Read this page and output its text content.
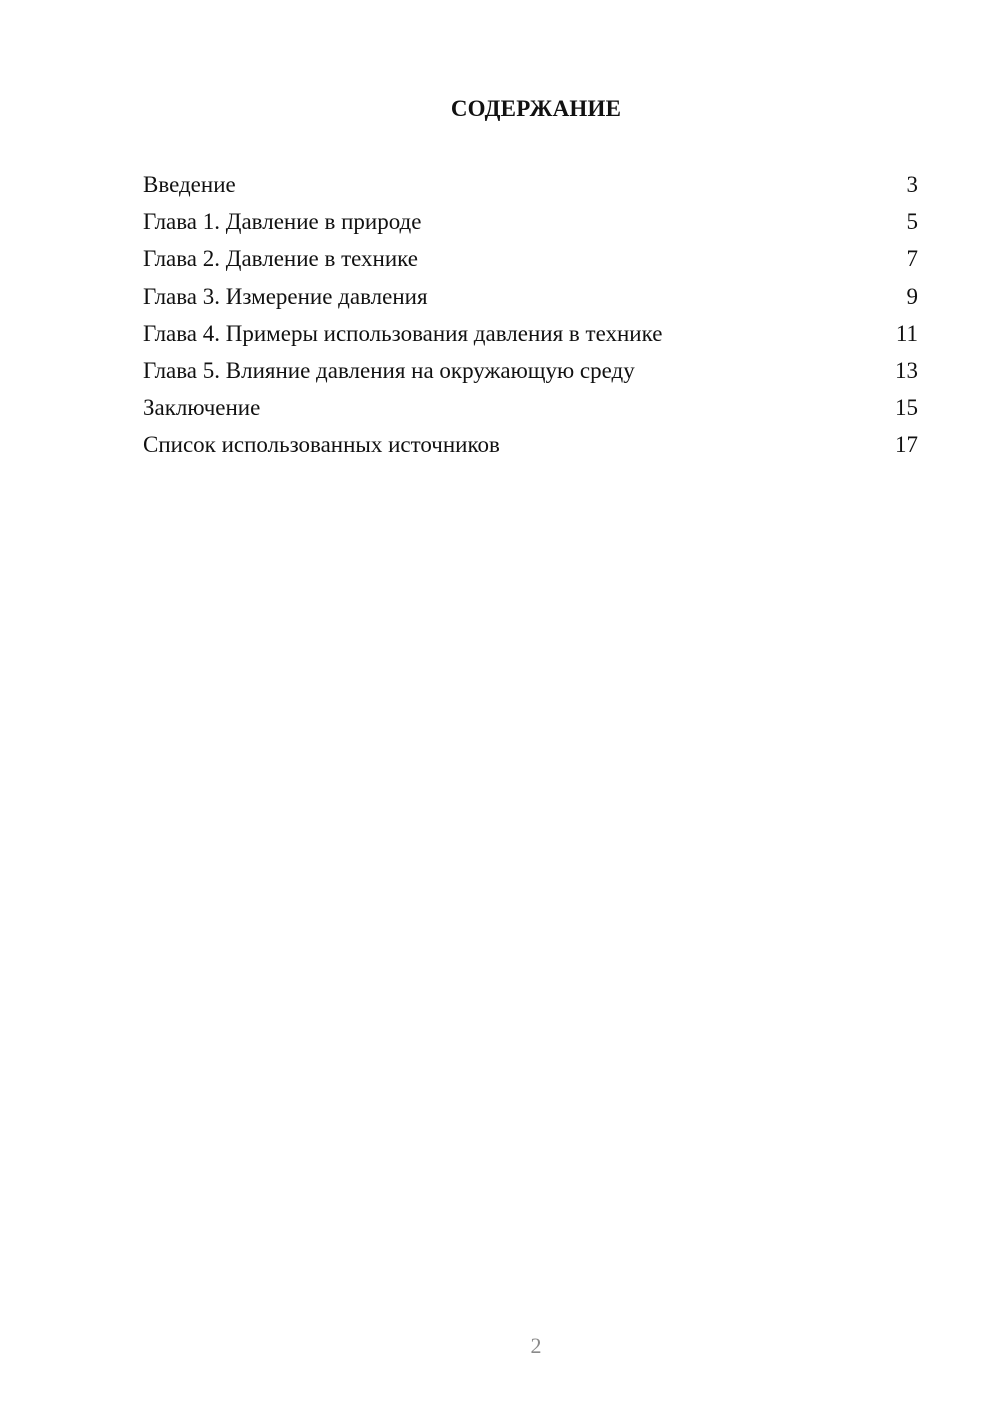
СОДЕРЖАНИЕ
Введение	3
Глава 1. Давление в природе	5
Глава 2. Давление в технике	7
Глава 3. Измерение давления	9
Глава 4. Примеры использования давления в технике	11
Глава 5. Влияние давления на окружающую среду	13
Заключение	15
Список использованных источников	17
2
